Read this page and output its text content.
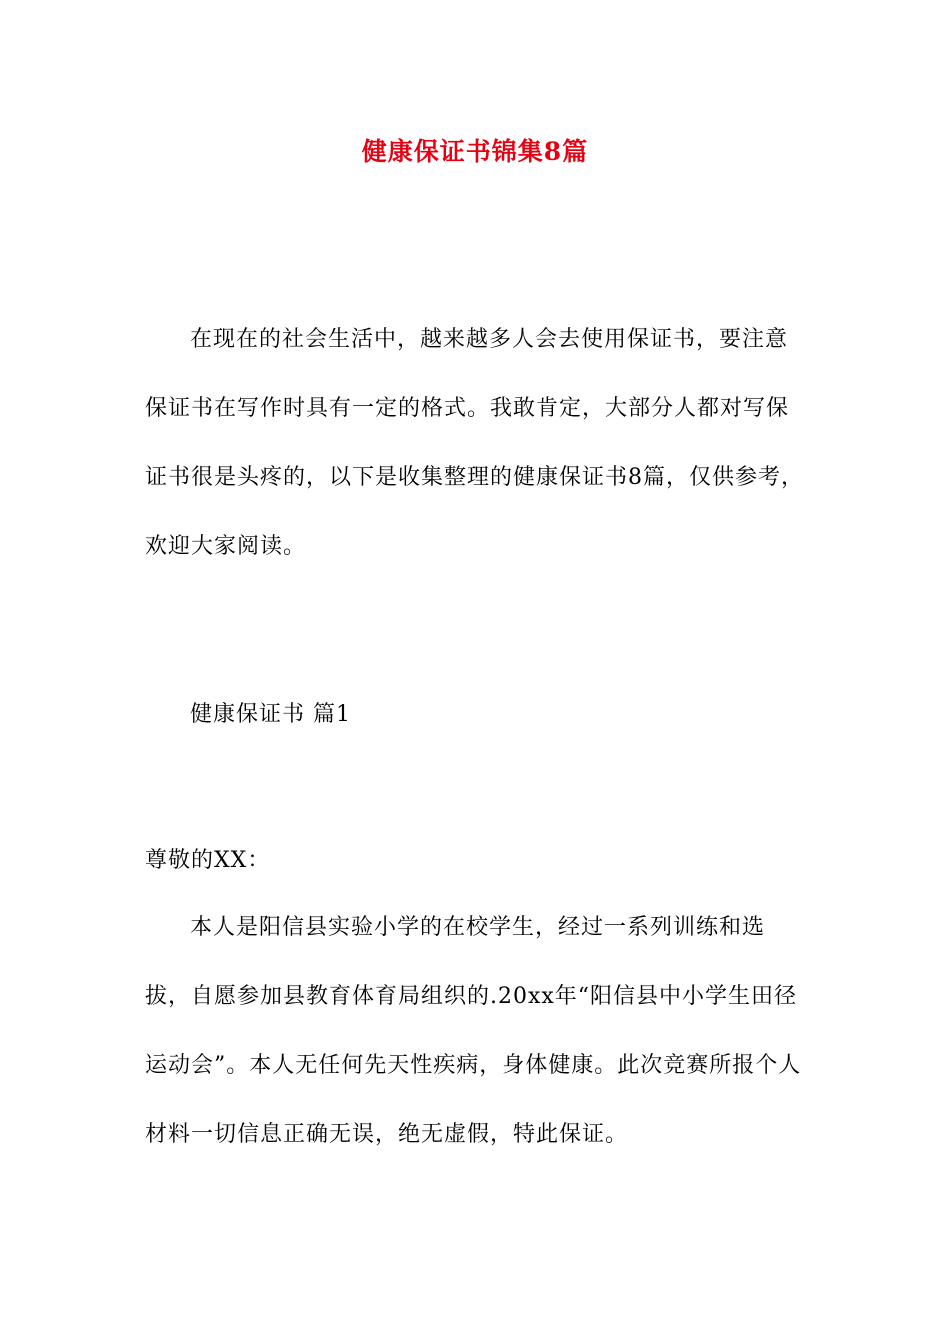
健康保证书锦集8篇

在现在的社会生活中，越来越多人会去使用保证书，要注意保证书在写作时具有一定的格式。我敢肯定，大部分人都对写保证书很是头疼的，以下是收集整理的健康保证书8篇，仅供参考，欢迎大家阅读。

健康保证书 篇1

尊敬的XX：

本人是阳信县实验小学的在校学生，经过一系列训练和选拔，自愿参加县教育体育局组织的.20xx年“阳信县中小学生田径运动会”。本人无任何先天性疾病，身体健康。此次竞赛所报个人材料一切信息正确无误，绝无虚假，特此保证。
